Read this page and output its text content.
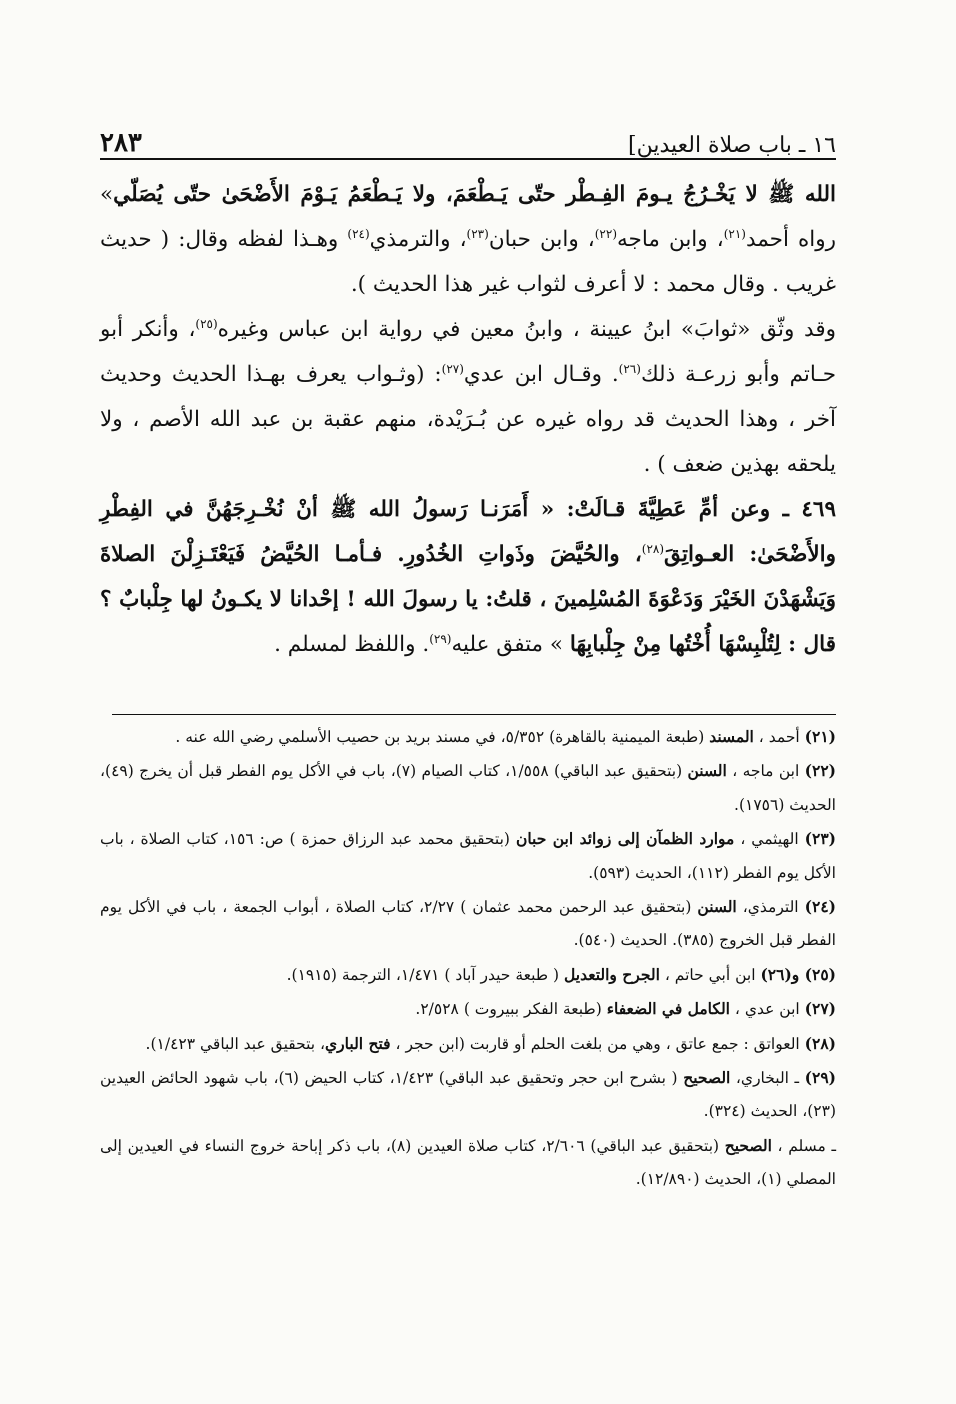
١٦ ـ باب صلاة العيدين]
٢٨٣

الله ﷺ لا يَخْـرُجُ يـومَ الفِـطْر حتّى يَـطْعَمَ، ولا يَـطْعَمُ يَـوْمَ الأَضْحَىٰ حتّى يُصَلّي» رواه أحمد$^{(٢١)}$، وابن ماجه$^{(٢٢)}$، وابن حبان$^{(٢٣)}$، والترمذي$^{(٢٤)}$ وهـذا لفظه وقال: ( حديث غريب . وقال محمد : لا أعرف لثواب غير هذا الحديث ).

وقد وثّق «ثوابَ» ابنُ عيينة ، وابنُ معين في رواية ابن عباس وغيره$^{(٢٥)}$، وأنكر أبو حـاتم وأبو زرعـة ذلك$^{(٢٦)}$. وقـال ابن عدي$^{(٢٧)}$: (وثـواب يعرف بهـذا الحديث وحديث آخر ، وهذا الحديث قد رواه غيره عن بُـرَيْدة، منهم عقبة بن عبد الله الأصم ، ولا يلحقه بهذين ضعف ) .

٤٦٩ ـ وعن أمِّ عَطِيَّةَ قـالَتْ: « أَمَرَنـا رَسولُ الله ﷺ أنْ نُخْـرِجَهُنَّ في الفِطْرِ والأَضْحَىٰ: العـواتِقَ$^{(٢٨)}$، والحُيَّضَ وذَواتِ الخُدُورِ. فـأمـا الحُيَّضُ فَيَعْتَـزِلْنَ الصلاةَ وَيَشْهَدْنَ الخَيْرَ وَدَعْوَةَ المُسْلِمينَ ، قلتُ: يا رسولَ الله ! إحْدانا لا يكـونُ لها جِلْبابٌ ؟ قال : لِتُلْبِسْهَا أُخْتُها مِنْ جِلْبابِهَا » متفق عليه$^{(٢٩)}$. واللفظ لمسلم .

(٢١) أحمد ، المسند (طبعة الميمنية بالقاهرة) ٥/٣٥٢، في مسند بريد بن حصيب الأسلمي رضي الله عنه .

(٢٢) ابن ماجه ، السنن (بتحقيق عبد الباقي) ١/٥٥٨، كتاب الصيام (٧)، باب في الأكل يوم الفطر قبل أن يخرج (٤٩)، الحديث (١٧٥٦).

(٢٣) الهيثمي ، موارد الظمآن إلى زوائد ابن حبان (بتحقيق محمد عبد الرزاق حمزة ) ص: ١٥٦، كتاب الصلاة ، باب الأكل يوم الفطر (١١٢)، الحديث (٥٩٣).

(٢٤) الترمذي، السنن (بتحقيق عبد الرحمن محمد عثمان ) ٢/٢٧، كتاب الصلاة ، أبواب الجمعة ، باب في الأكل يوم الفطر قبل الخروج (٣٨٥). الحديث (٥٤٠).

(٢٥) و(٢٦) ابن أبي حاتم ، الجرح والتعديل ( طبعة حيدر آباد ) ١/٤٧١، الترجمة (١٩١٥).

(٢٧) ابن عدي ، الكامل في الضعفاء (طبعة الفكر ببيروت ) ٢/٥٢٨.

(٢٨) العواتق : جمع عاتق ، وهي من بلغت الحلم أو قاربت (ابن حجر ، فتح الباري، بتحقيق عبد الباقي ١/٤٢٣).

(٢٩) ـ البخاري، الصحيح ( بشرح ابن حجر وتحقيق عبد الباقي) ١/٤٢٣، كتاب الحيض (٦)، باب شهود الحائض العيدين (٢٣)، الحديث (٣٢٤).

ـ مسلم ، الصحيح (بتحقيق عبد الباقي) ٢/٦٠٦، كتاب صلاة العيدين (٨)، باب ذكر إباحة خروج النساء في العيدين إلى المصلي (١)، الحديث (١٢/٨٩٠).
